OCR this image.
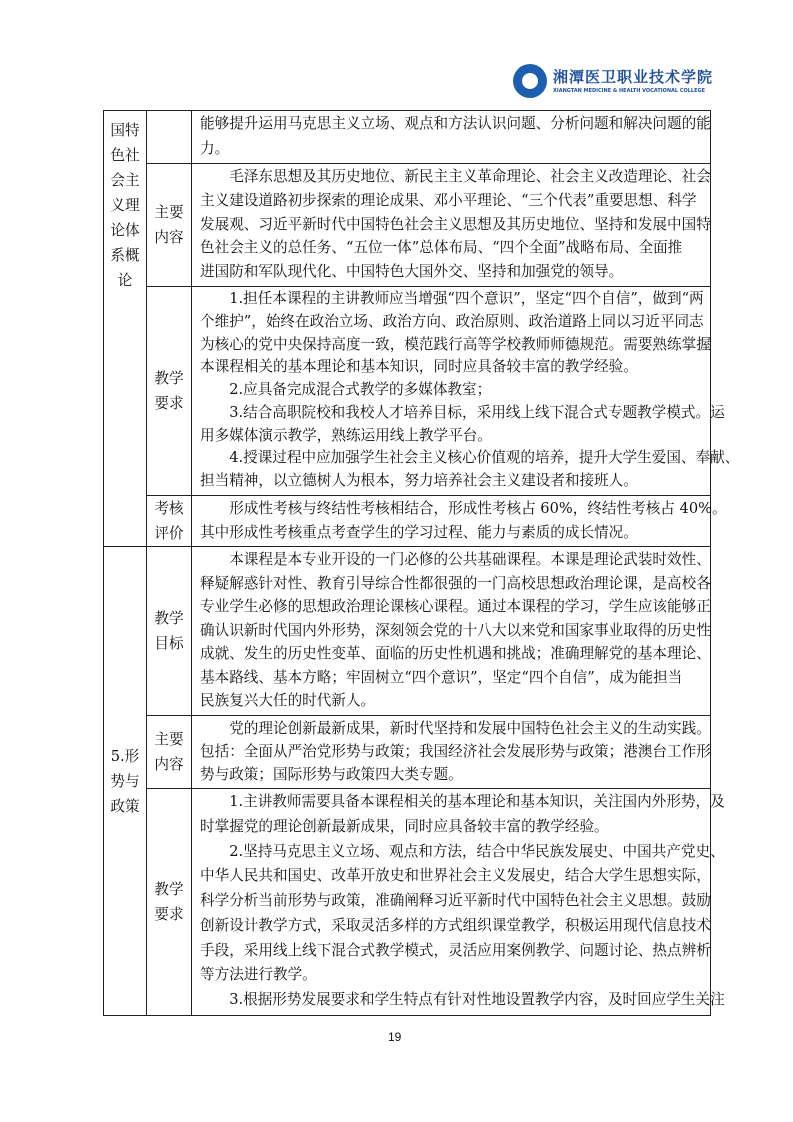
湘潭医卫职业技术学院
XIANGTAN MEDICINE & HEALTH VOCATIONAL COLLEGE
国特
色社
会主
义理
论体
系概
论
能够提升运用马克思主义立场、观点和方法认识问题、分析问题和解决问题的能
力。
主要
内容
　　毛泽东思想及其历史地位、新民主主义革命理论、社会主义改造理论、社会
主义建设道路初步探索的理论成果、邓小平理论、“三个代表”重要思想、科学
发展观、习近平新时代中国特色社会主义思想及其历史地位、坚持和发展中国特
色社会主义的总任务、“五位一体”总体布局、“四个全面”战略布局、全面推
进国防和军队现代化、中国特色大国外交、坚持和加强党的领导。
教学
要求
　　1.担任本课程的主讲教师应当增强“四个意识”，坚定“四个自信”，做到“两
个维护”，始终在政治立场、政治方向、政治原则、政治道路上同以习近平同志
为核心的党中央保持高度一致，模范践行高等学校教师师德规范。需要熟练掌握
本课程相关的基本理论和基本知识，同时应具备较丰富的教学经验。
　　2.应具备完成混合式教学的多媒体教室；
　　3.结合高职院校和我校人才培养目标，采用线上线下混合式专题教学模式。运
用多媒体演示教学，熟练运用线上教学平台。
　　4.授课过程中应加强学生社会主义核心价值观的培养，提升大学生爱国、奉献、
担当精神，以立德树人为根本，努力培养社会主义建设者和接班人。
考核
评价
　　形成性考核与终结性考核相结合，形成性考核占 60%，终结性考核占 40%。
其中形成性考核重点考查学生的学习过程、能力与素质的成长情况。
5.形
势与
政策
教学
目标
　　本课程是本专业开设的一门必修的公共基础课程。本课是理论武装时效性、
释疑解惑针对性、教育引导综合性都很强的一门高校思想政治理论课，是高校各
专业学生必修的思想政治理论课核心课程。通过本课程的学习，学生应该能够正
确认识新时代国内外形势，深刻领会党的十八大以来党和国家事业取得的历史性
成就、发生的历史性变革、面临的历史性机遇和挑战；准确理解党的基本理论、
基本路线、基本方略；牢固树立“四个意识”，坚定“四个自信”，成为能担当
民族复兴大任的时代新人。
主要
内容
　　党的理论创新最新成果，新时代坚持和发展中国特色社会主义的生动实践。
包括：全面从严治党形势与政策；我国经济社会发展形势与政策；港澳台工作形
势与政策；国际形势与政策四大类专题。
教学
要求
　　1.主讲教师需要具备本课程相关的基本理论和基本知识，关注国内外形势，及
时掌握党的理论创新最新成果，同时应具备较丰富的教学经验。
　　2.坚持马克思主义立场、观点和方法，结合中华民族发展史、中国共产党史、
中华人民共和国史、改革开放史和世界社会主义发展史，结合大学生思想实际，
科学分析当前形势与政策，准确阐释习近平新时代中国特色社会主义思想。鼓励
创新设计教学方式，采取灵活多样的方式组织课堂教学，积极运用现代信息技术
手段，采用线上线下混合式教学模式，灵活应用案例教学、问题讨论、热点辨析
等方法进行教学。
　　3.根据形势发展要求和学生特点有针对性地设置教学内容，及时回应学生关注
19
